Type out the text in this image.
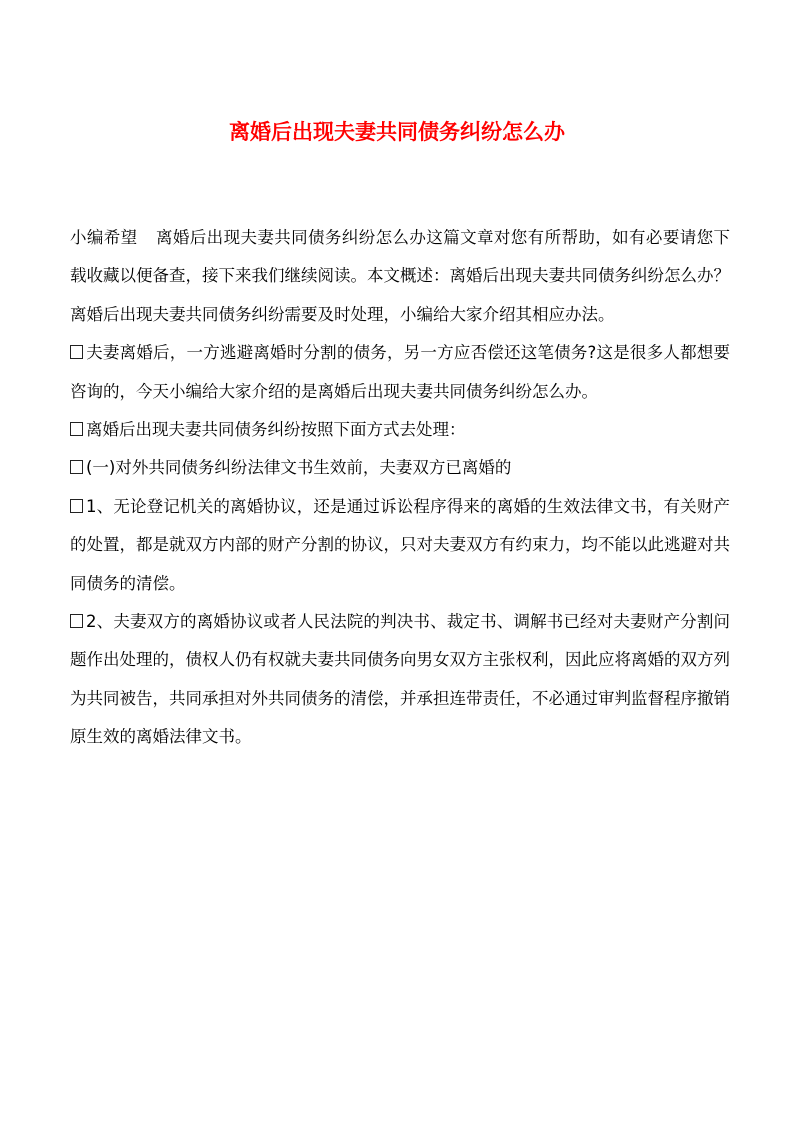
离婚后出现夫妻共同债务纠纷怎么办

小编希望 离婚后出现夫妻共同债务纠纷怎么办这篇文章对您有所帮助，如有必要请您下载收藏以便备查，接下来我们继续阅读。本文概述：离婚后出现夫妻共同债务纠纷怎么办？离婚后出现夫妻共同债务纠纷需要及时处理，小编给大家介绍其相应办法。

夫妻离婚后，一方逃避离婚时分割的债务，另一方应否偿还这笔债务?这是很多人都想要咨询的，今天小编给大家介绍的是离婚后出现夫妻共同债务纠纷怎么办。

离婚后出现夫妻共同债务纠纷按照下面方式去处理：

(一)对外共同债务纠纷法律文书生效前，夫妻双方已离婚的

1、无论登记机关的离婚协议，还是通过诉讼程序得来的离婚的生效法律文书，有关财产的处置，都是就双方内部的财产分割的协议，只对夫妻双方有约束力，均不能以此逃避对共同债务的清偿。

2、夫妻双方的离婚协议或者人民法院的判决书、裁定书、调解书已经对夫妻财产分割问题作出处理的，债权人仍有权就夫妻共同债务向男女双方主张权利，因此应将离婚的双方列为共同被告，共同承担对外共同债务的清偿，并承担连带责任，不必通过审判监督程序撤销原生效的离婚法律文书。
